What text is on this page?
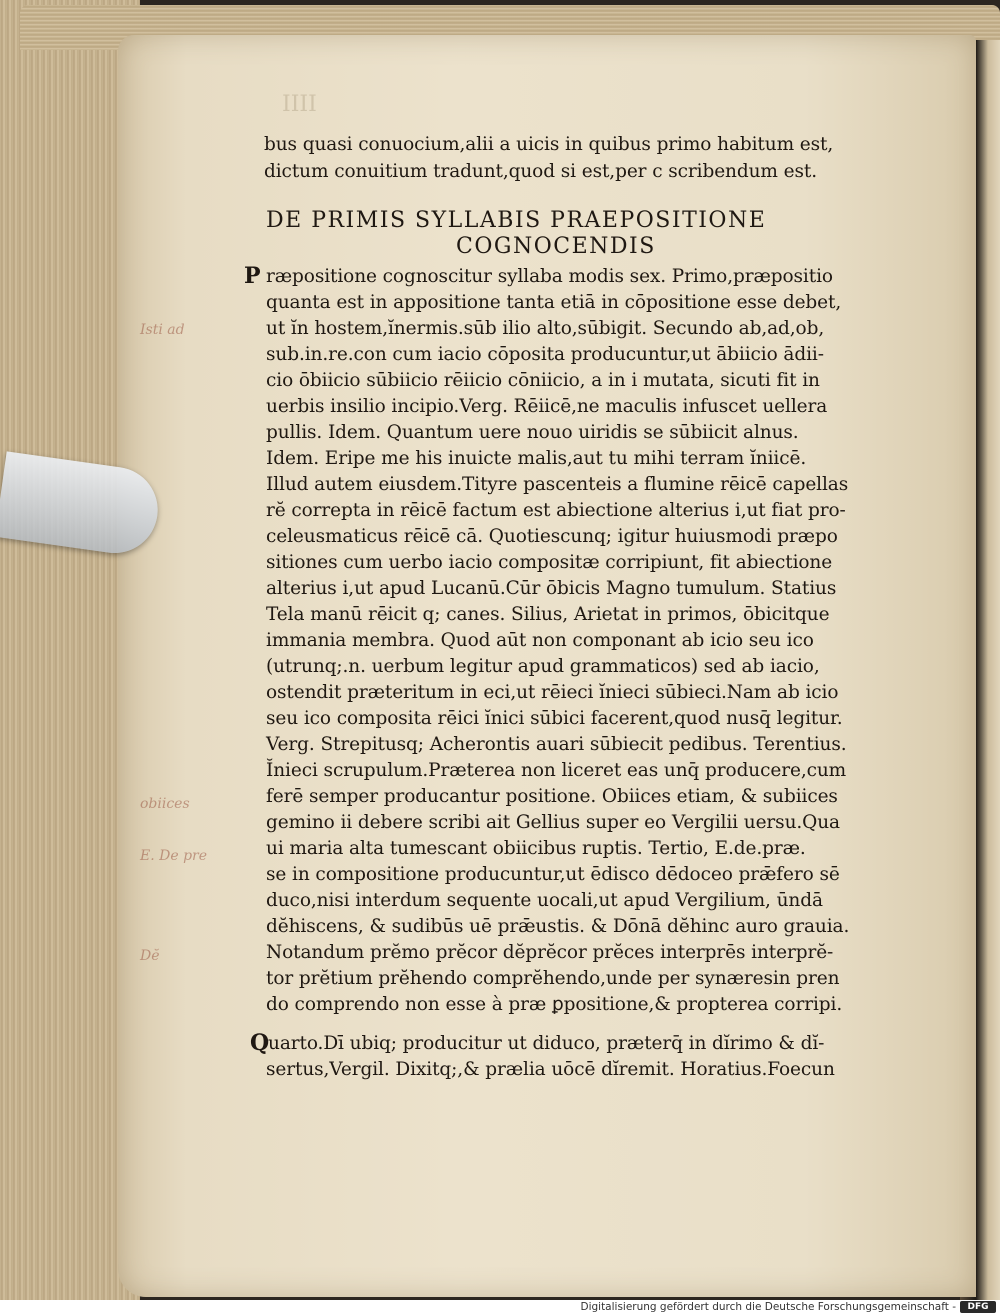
IIII
Isti ad
obiices
E. De pre
Dĕ
bus quasi conuocium,alii a uicis in quibus primo habitum est,
dictum conuitium tradunt,quod si est,per c scribendum est.
DE PRIMIS SYLLABIS PRAEPOSITIONE
COGNOCENDIS
P
Q
ræpositione cognoscitur syllaba modis sex. Primo,præpositio
quanta est in appositione tanta etiā in cōpositione esse debet,
ut ĭn hostem,ĭnermis.sūb ilio alto,sūbigit. Secundo ab,ad,ob,
sub.in.re.con cum iacio cōposita producuntur,ut ābiicio ādii-
cio ōbiicio sūbiicio rēiicio cōniicio, a in i mutata, sicuti fit in
uerbis insilio incipio.Verg. Rēiicē,ne maculis infuscet uellera
pullis. Idem. Quantum uere nouo uiridis se sūbiicit alnus.
Idem. Eripe me his inuicte malis,aut tu mihi terram ĭniicē.
Illud autem eiusdem.Tityre pascenteis a flumine rēicē capellas
rĕ correpta in rēicē factum est abiectione alterius i,ut fiat pro-
celeusmaticus rēicē cā. Quotiescunq; igitur huiusmodi præpo
sitiones cum uerbo iacio compositæ corripiunt, fit abiectione
alterius i,ut apud Lucanū.Cūr ōbicis Magno tumulum. Statius
Tela manū rēicit q; canes. Silius, Arietat in primos, ōbicitque
immania membra. Quod aūt non componant ab icio seu ico
(utrunq;.n. uerbum legitur apud grammaticos) sed ab iacio,
ostendit præteritum in eci,ut rēieci ĭnieci sūbieci.Nam ab icio
seu ico composita rēici ĭnici sūbici facerent,quod nusq̄ legitur.
Verg. Strepitusq; Acherontis auari sūbiecit pedibus. Terentius.
Ĭnieci scrupulum.Præterea non liceret eas unq̄ producere,cum
ferē semper producantur positione. Obiices etiam, & subiices
gemino ii debere scribi ait Gellius super eo Vergilii uersu.Qua
ui maria alta tumescant obiicibus ruptis. Tertio, E.de.præ.
se in compositione producuntur,ut ēdisco dēdoceo prǣfero sē
duco,nisi interdum sequente uocali,ut apud Vergilium, ūndā
dĕhiscens, & sudibūs uē prǣustis. & Dōnā dĕhinc auro grauia.
Notandum prĕmo prĕcor dĕprĕcor prĕces interprēs interprĕ-
tor prĕtium prĕhendo comprĕhendo,unde per synæresin pren
do comprendo non esse à præ ꝑpositione,& propterea corripi.
uarto.Dī ubiq; producitur ut diduco, præterq̄ in dĭrimo & dĭ-
sertus,Vergil. Dixitq;,& prælia uōcē dĭremit. Horatius.Foecun
Digitalisierung gefördert durch die Deutsche Forschungsgemeinschaft -	DFG
